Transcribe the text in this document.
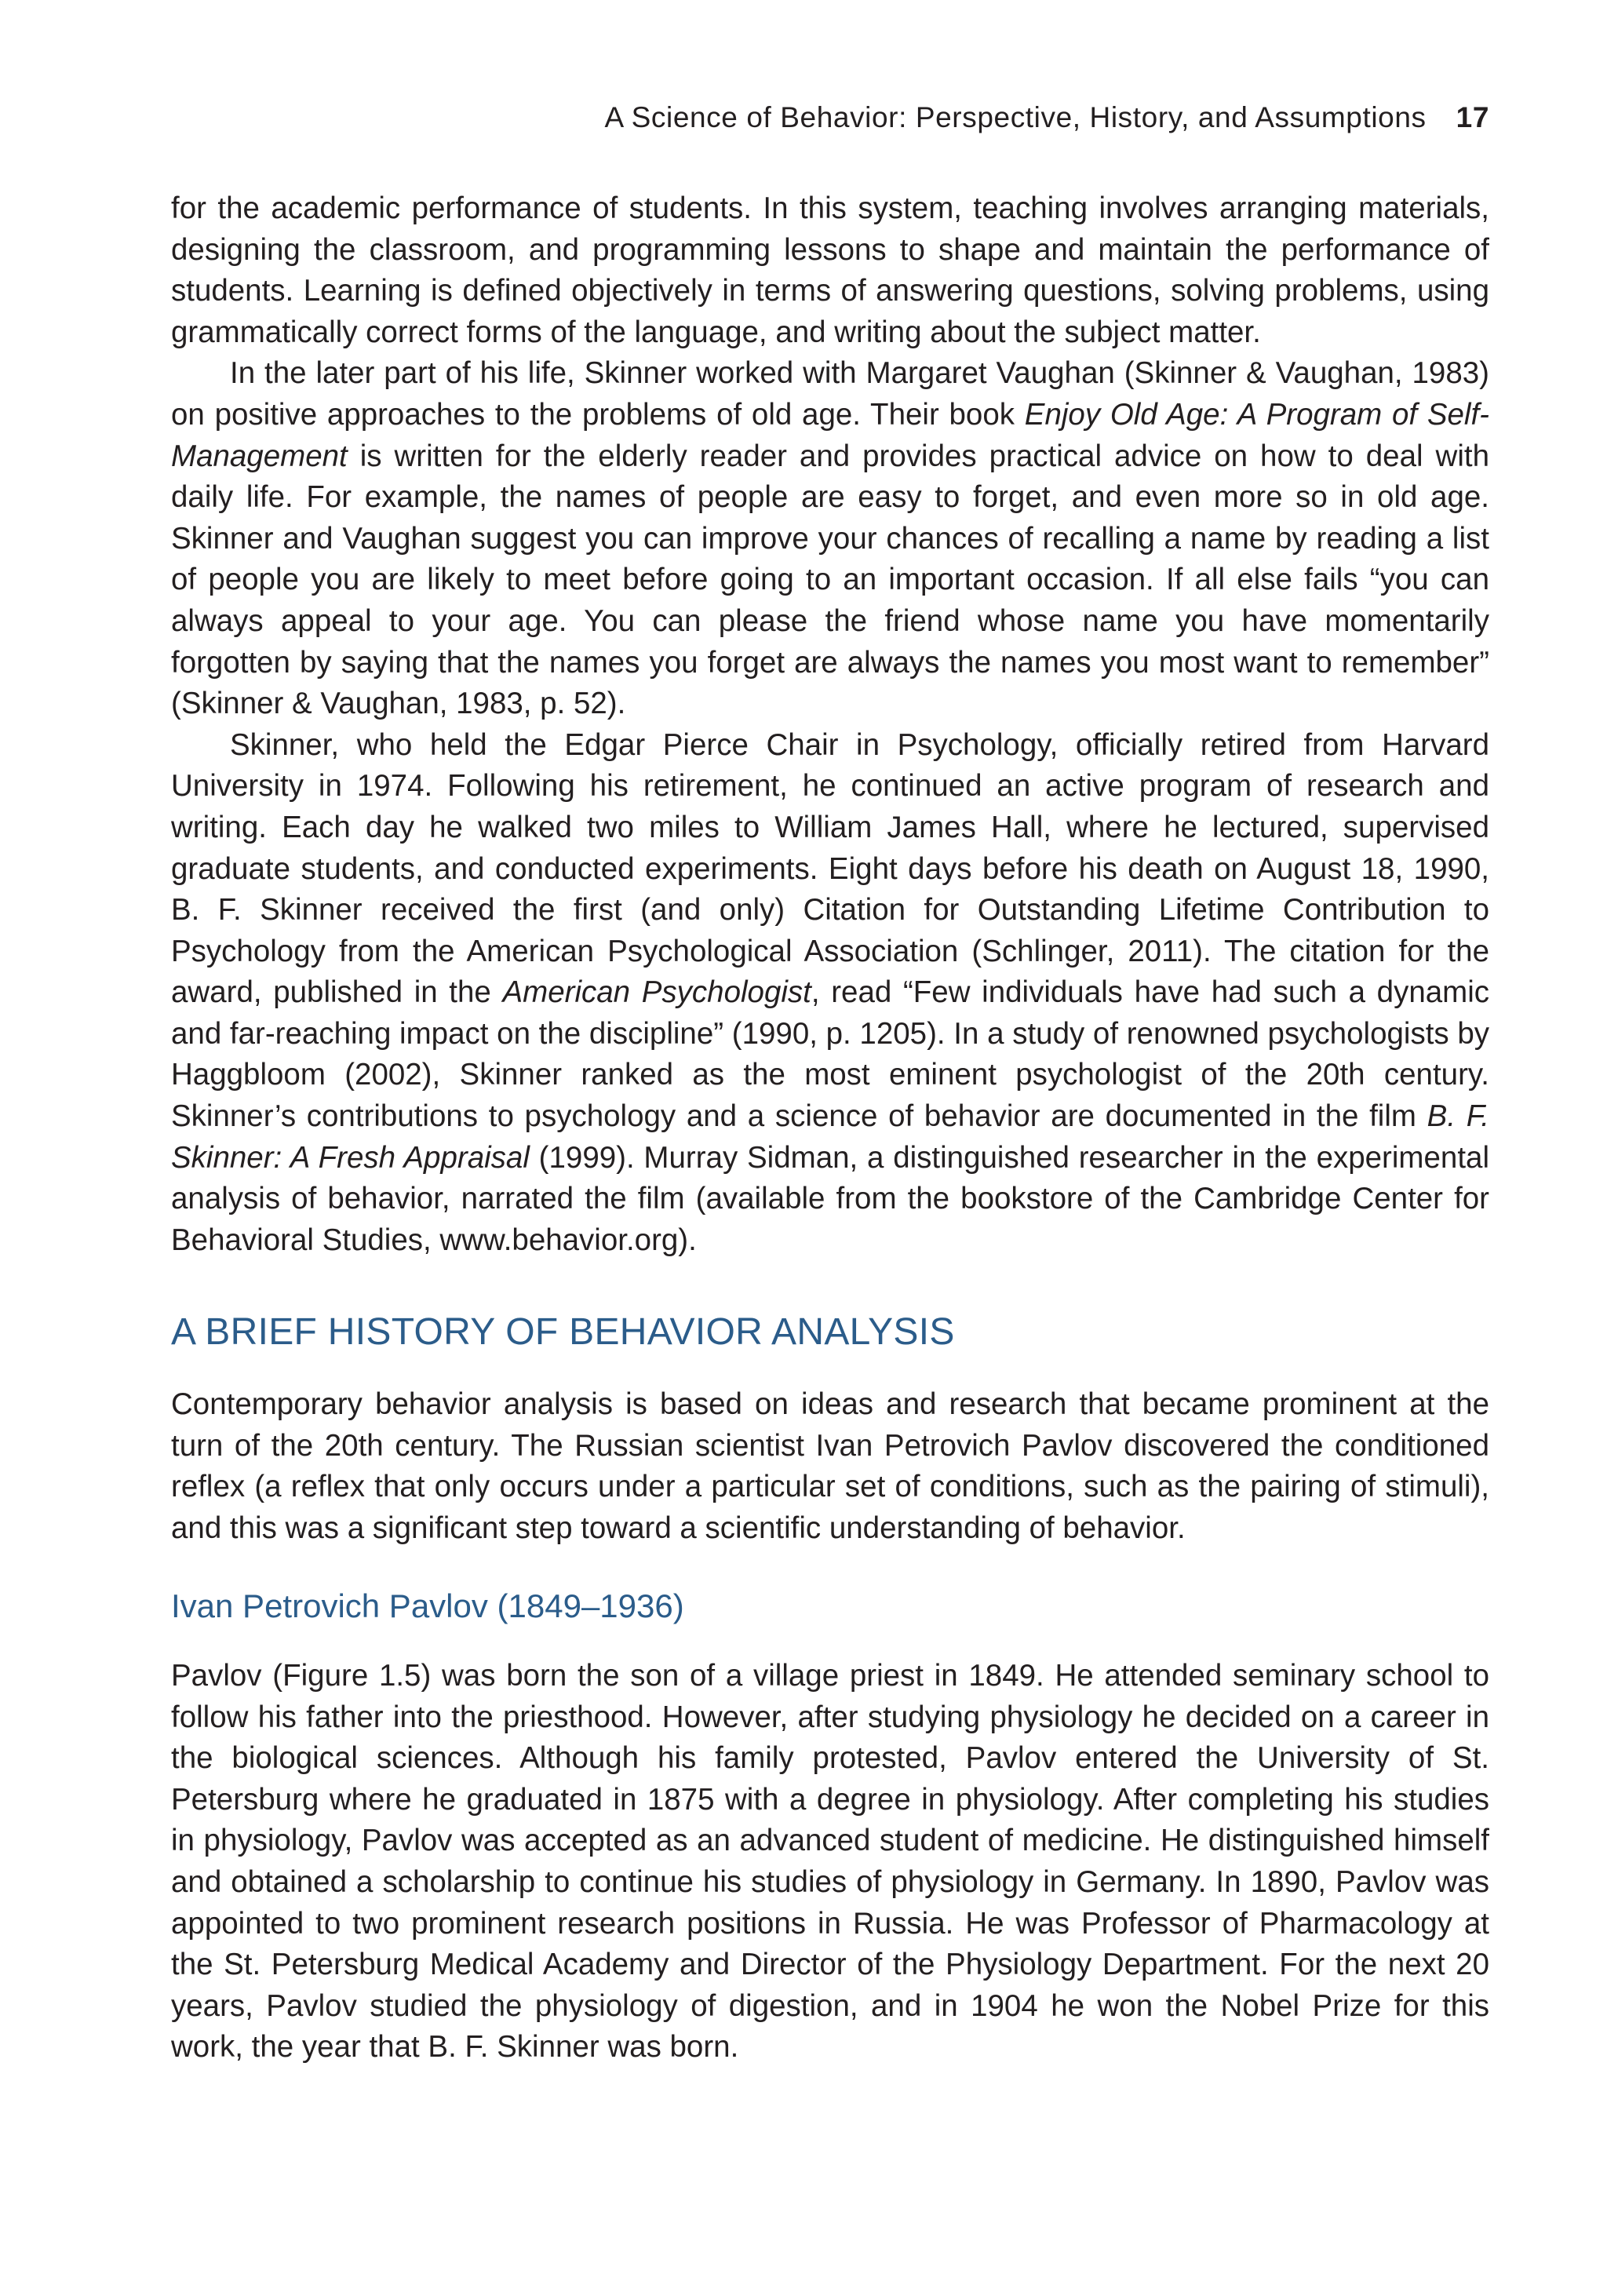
A Science of Behavior: Perspective, History, and Assumptions 17

for the academic performance of students. In this system, teaching involves arranging materials, designing the classroom, and programming lessons to shape and maintain the performance of students. Learning is defined objectively in terms of answering questions, solving problems, using grammatically correct forms of the language, and writing about the subject matter.

In the later part of his life, Skinner worked with Margaret Vaughan (Skinner & Vaughan, 1983) on positive approaches to the problems of old age. Their book Enjoy Old Age: A Program of Self-Management is written for the elderly reader and provides practical advice on how to deal with daily life. For example, the names of people are easy to forget, and even more so in old age. Skinner and Vaughan suggest you can improve your chances of recalling a name by reading a list of people you are likely to meet before going to an important occasion. If all else fails “you can always appeal to your age. You can please the friend whose name you have momentarily forgotten by saying that the names you forget are always the names you most want to remember” (Skinner & Vaughan, 1983, p. 52).

Skinner, who held the Edgar Pierce Chair in Psychology, officially retired from Harvard University in 1974. Following his retirement, he continued an active program of research and writing. Each day he walked two miles to William James Hall, where he lectured, supervised graduate students, and conducted experiments. Eight days before his death on August 18, 1990, B. F. Skinner received the first (and only) Citation for Outstanding Lifetime Contribution to Psychology from the American Psychological Association (Schlinger, 2011). The citation for the award, published in the American Psychologist, read “Few individuals have had such a dynamic and far-reaching impact on the discipline” (1990, p. 1205). In a study of renowned psychologists by Haggbloom (2002), Skinner ranked as the most eminent psychologist of the 20th century. Skinner’s contributions to psychology and a science of behavior are documented in the film B. F. Skinner: A Fresh Appraisal (1999). Murray Sidman, a distinguished researcher in the experimental analysis of behavior, narrated the film (available from the bookstore of the Cambridge Center for Behavioral Studies, www.behavior.org).

A BRIEF HISTORY OF BEHAVIOR ANALYSIS

Contemporary behavior analysis is based on ideas and research that became prominent at the turn of the 20th century. The Russian scientist Ivan Petrovich Pavlov discovered the conditioned reflex (a reflex that only occurs under a particular set of conditions, such as the pairing of stimuli), and this was a significant step toward a scientific understanding of behavior.

Ivan Petrovich Pavlov (1849–1936)

Pavlov (Figure 1.5) was born the son of a village priest in 1849. He attended seminary school to follow his father into the priesthood. However, after studying physiology he decided on a career in the biological sciences. Although his family protested, Pavlov entered the University of St. Petersburg where he graduated in 1875 with a degree in physiology. After completing his studies in physiology, Pavlov was accepted as an advanced student of medicine. He distinguished himself and obtained a scholarship to continue his studies of physiology in Germany. In 1890, Pavlov was appointed to two prominent research positions in Russia. He was Professor of Pharmacology at the St. Petersburg Medical Academy and Director of the Physiology Department. For the next 20 years, Pavlov studied the physiology of digestion, and in 1904 he won the Nobel Prize for this work, the year that B. F. Skinner was born.
